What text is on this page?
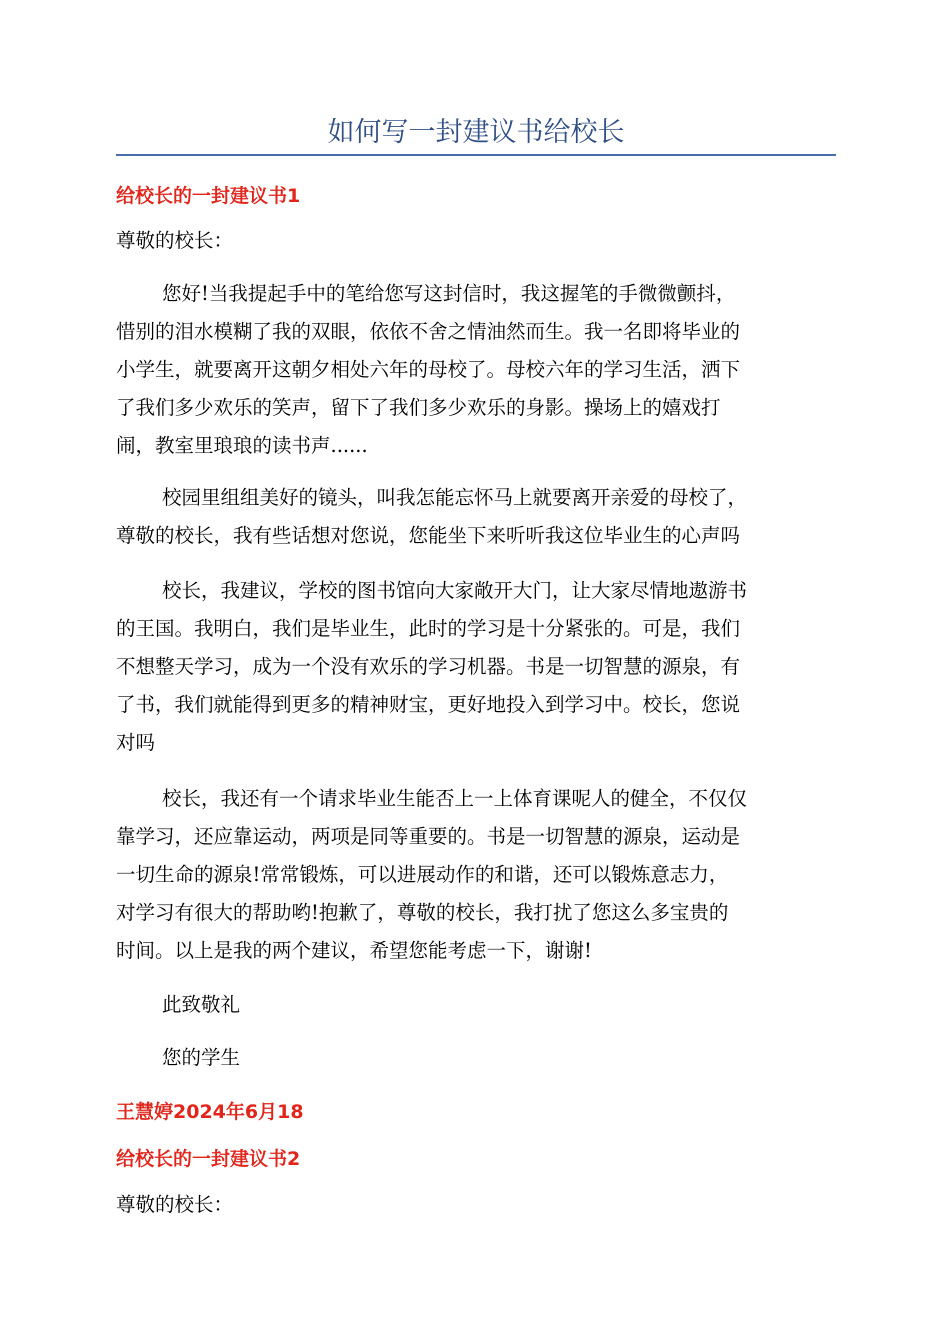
如何写一封建议书给校长
给校长的一封建议书1
尊敬的校长：
您好!当我提起手中的笔给您写这封信时，我这握笔的手微微颤抖，
惜别的泪水模糊了我的双眼，依依不舍之情油然而生。我一名即将毕业的
小学生，就要离开这朝夕相处六年的母校了。母校六年的学习生活，洒下
了我们多少欢乐的笑声，留下了我们多少欢乐的身影。操场上的嬉戏打
闹，教室里琅琅的读书声......
校园里组组美好的镜头，叫我怎能忘怀马上就要离开亲爱的母校了，
尊敬的校长，我有些话想对您说，您能坐下来听听我这位毕业生的心声吗
校长，我建议，学校的图书馆向大家敞开大门，让大家尽情地遨游书
的王国。我明白，我们是毕业生，此时的学习是十分紧张的。可是，我们
不想整天学习，成为一个没有欢乐的学习机器。书是一切智慧的源泉，有
了书，我们就能得到更多的精神财宝，更好地投入到学习中。校长，您说
对吗
校长，我还有一个请求毕业生能否上一上体育课呢人的健全，不仅仅
靠学习，还应靠运动，两项是同等重要的。书是一切智慧的源泉，运动是
一切生命的源泉!常常锻炼，可以进展动作的和谐，还可以锻炼意志力，
对学习有很大的帮助哟!抱歉了，尊敬的校长，我打扰了您这么多宝贵的
时间。以上是我的两个建议，希望您能考虑一下，谢谢!
此致敬礼
您的学生
王慧婷2024年6月18
给校长的一封建议书2
尊敬的校长：
